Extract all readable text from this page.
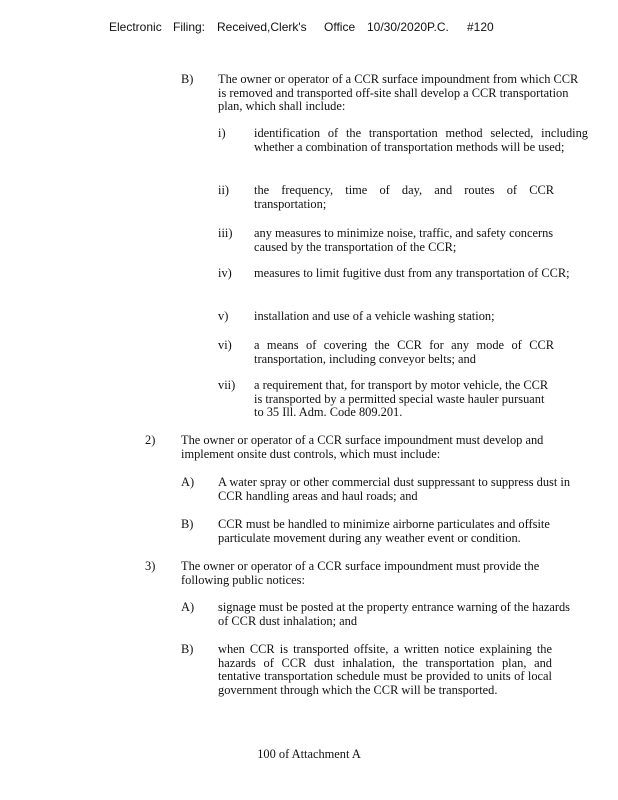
Electronic Filing: Received,Clerk's Office 10/30/2020P.C. #120
B) The owner or operator of a CCR surface impoundment from which CCR is removed and transported off-site shall develop a CCR transportation plan, which shall include:
i) identification of the transportation method selected, including whether a combination of transportation methods will be used;
ii) the frequency, time of day, and routes of CCR transportation;
iii) any measures to minimize noise, traffic, and safety concerns caused by the transportation of the CCR;
iv) measures to limit fugitive dust from any transportation of CCR;
v) installation and use of a vehicle washing station;
vi) a means of covering the CCR for any mode of CCR transportation, including conveyor belts; and
vii) a requirement that, for transport by motor vehicle, the CCR is transported by a permitted special waste hauler pursuant to 35 Ill. Adm. Code 809.201.
2) The owner or operator of a CCR surface impoundment must develop and implement onsite dust controls, which must include:
A) A water spray or other commercial dust suppressant to suppress dust in CCR handling areas and haul roads; and
B) CCR must be handled to minimize airborne particulates and offsite particulate movement during any weather event or condition.
3) The owner or operator of a CCR surface impoundment must provide the following public notices:
A) signage must be posted at the property entrance warning of the hazards of CCR dust inhalation; and
B) when CCR is transported offsite, a written notice explaining the hazards of CCR dust inhalation, the transportation plan, and tentative transportation schedule must be provided to units of local government through which the CCR will be transported.
100 of Attachment A
